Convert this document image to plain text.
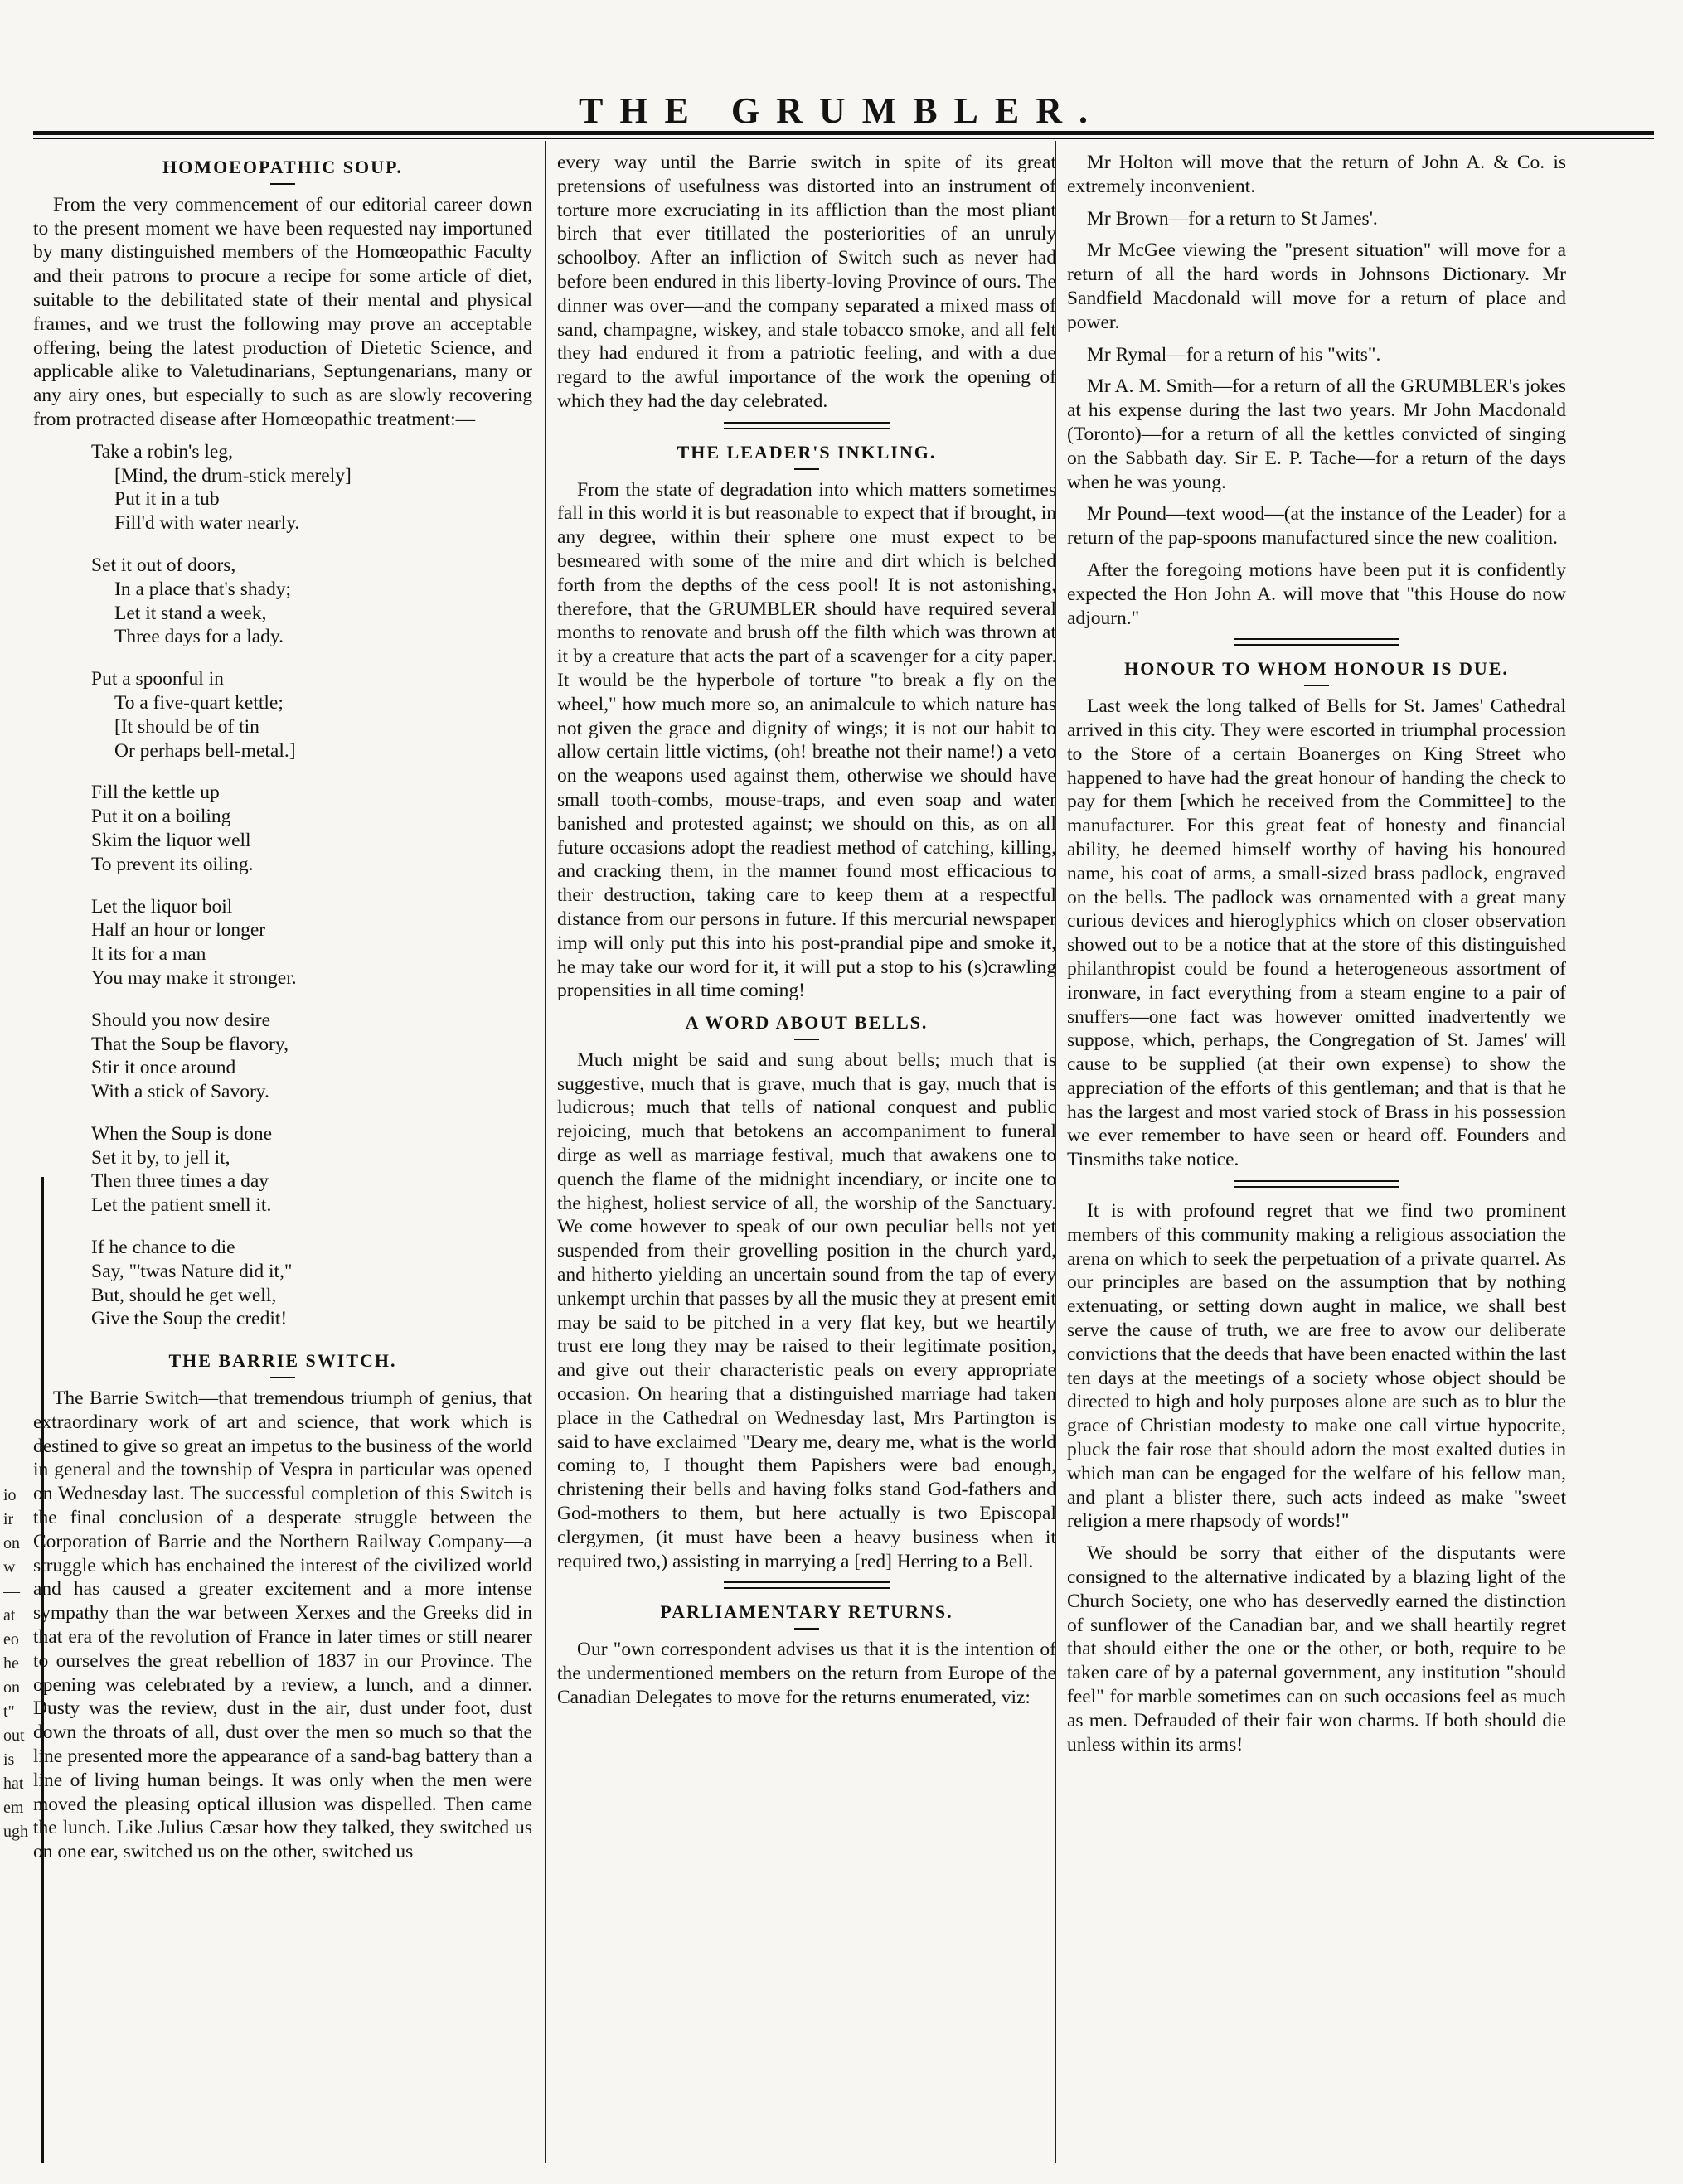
THE GRUMBLER.
io
ir
on
w
—
at
eo
he
on
t"
out
is
hat
em
ugh
HOMOEOPATHIC SOUP.

From the very commencement of our editorial career down to the present moment we have been requested nay importuned by many distinguished members of the Homœopathic Faculty and their patrons to procure a recipe for some article of diet, suitable to the debilitated state of their mental and physical frames, and we trust the following may prove an acceptable offering, being the latest production of Dietetic Science, and applicable alike to Valetudinarians, Septungenarians, many or any airy ones, but especially to such as are slowly recovering from protracted disease after Homœopathic treatment:—

Take a robin's leg,
[Mind, the drum-stick merely]
Put it in a tub
Fill'd with water nearly.
Set it out of doors,
In a place that's shady;
Let it stand a week,
Three days for a lady.
Put a spoonful in
To a five-quart kettle;
[It should be of tin
Or perhaps bell-metal.]
Fill the kettle up
Put it on a boiling
Skim the liquor well
To prevent its oiling.
Let the liquor boil
Half an hour or longer
It its for a man
You may make it stronger.
Should you now desire
That the Soup be flavory,
Stir it once around
With a stick of Savory.
When the Soup is done
Set it by, to jell it,
Then three times a day
Let the patient smell it.
If he chance to die
Say, "'twas Nature did it,"
But, should he get well,
Give the Soup the credit!
THE BARRIE SWITCH.

The Barrie Switch—that tremendous triumph of genius, that extraordinary work of art and science, that work which is destined to give so great an impetus to the business of the world in general and the township of Vespra in particular was opened on Wednesday last. The successful completion of this Switch is the final conclusion of a desperate struggle between the Corporation of Barrie and the Northern Railway Company—a struggle which has enchained the interest of the civilized world and has caused a greater excitement and a more intense sympathy than the war between Xerxes and the Greeks did in that era of the revolution of France in later times or still nearer to ourselves the great rebellion of 1837 in our Province. The opening was celebrated by a review, a lunch, and a dinner. Dusty was the review, dust in the air, dust under foot, dust down the throats of all, dust over the men so much so that the line presented more the appearance of a sand-bag battery than a line of living human beings. It was only when the men were moved the pleasing optical illusion was dispelled. Then came the lunch. Like Julius Cæsar how they talked, they switched us on one ear, switched us on the other, switched us

every way until the Barrie switch in spite of its great pretensions of usefulness was distorted into an instrument of torture more excruciating in its affliction than the most pliant birch that ever titillated the posteriorities of an unruly schoolboy. After an infliction of Switch such as never had before been endured in this liberty-loving Province of ours. The dinner was over—and the company separated a mixed mass of sand, champagne, wiskey, and stale tobacco smoke, and all felt they had endured it from a patriotic feeling, and with a due regard to the awful importance of the work the opening of which they had the day celebrated.

THE LEADER'S INKLING.

From the state of degradation into which matters sometimes fall in this world it is but reasonable to expect that if brought, in any degree, within their sphere one must expect to be besmeared with some of the mire and dirt which is belched forth from the depths of the cess pool! It is not astonishing, therefore, that the GRUMBLER should have required several months to renovate and brush off the filth which was thrown at it by a creature that acts the part of a scavenger for a city paper. It would be the hyperbole of torture "to break a fly on the wheel," how much more so, an animalcule to which nature has not given the grace and dignity of wings; it is not our habit to allow certain little victims, (oh! breathe not their name!) a veto on the weapons used against them, otherwise we should have small tooth-combs, mouse-traps, and even soap and water banished and protested against; we should on this, as on all future occasions adopt the readiest method of catching, killing, and cracking them, in the manner found most efficacious to their destruction, taking care to keep them at a respectful distance from our persons in future. If this mercurial newspaper imp will only put this into his post-prandial pipe and smoke it, he may take our word for it, it will put a stop to his (s)crawling propensities in all time coming!

A WORD ABOUT BELLS.

Much might be said and sung about bells; much that is suggestive, much that is grave, much that is gay, much that is ludicrous; much that tells of national conquest and public rejoicing, much that betokens an accompaniment to funeral dirge as well as marriage festival, much that awakens one to quench the flame of the midnight incendiary, or incite one to the highest, holiest service of all, the worship of the Sanctuary. We come however to speak of our own peculiar bells not yet suspended from their grovelling position in the church yard, and hitherto yielding an uncertain sound from the tap of every unkempt urchin that passes by all the music they at present emit may be said to be pitched in a very flat key, but we heartily trust ere long they may be raised to their legitimate position, and give out their characteristic peals on every appropriate occasion. On hearing that a distinguished marriage had taken place in the Cathedral on Wednesday last, Mrs Partington is said to have exclaimed "Deary me, deary me, what is the world coming to, I thought them Papishers were bad enough, christening their bells and having folks stand God-fathers and God-mothers to them, but here actually is two Episcopal clergymen, (it must have been a heavy business when it required two,) assisting in marrying a [red] Herring to a Bell.

PARLIAMENTARY RETURNS.

Our "own correspondent advises us that it is the intention of the undermentioned members on the return from Europe of the Canadian Delegates to move for the returns enumerated, viz:

Mr Holton will move that the return of John A. & Co. is extremely inconvenient.

Mr Brown—for a return to St James'.

Mr McGee viewing the "present situation" will move for a return of all the hard words in Johnsons Dictionary. Mr Sandfield Macdonald will move for a return of place and power.

Mr Rymal—for a return of his "wits".

Mr A. M. Smith—for a return of all the GRUMBLER's jokes at his expense during the last two years. Mr John Macdonald (Toronto)—for a return of all the kettles convicted of singing on the Sabbath day. Sir E. P. Tache—for a return of the days when he was young.

Mr Pound—text wood—(at the instance of the Leader) for a return of the pap-spoons manufactured since the new coalition.

After the foregoing motions have been put it is confidently expected the Hon John A. will move that "this House do now adjourn."

HONOUR TO WHOM HONOUR IS DUE.

Last week the long talked of Bells for St. James' Cathedral arrived in this city. They were escorted in triumphal procession to the Store of a certain Boanerges on King Street who happened to have had the great honour of handing the check to pay for them [which he received from the Committee] to the manufacturer. For this great feat of honesty and financial ability, he deemed himself worthy of having his honoured name, his coat of arms, a small-sized brass padlock, engraved on the bells. The padlock was ornamented with a great many curious devices and hieroglyphics which on closer observation showed out to be a notice that at the store of this distinguished philanthropist could be found a heterogeneous assortment of ironware, in fact everything from a steam engine to a pair of snuffers—one fact was however omitted inadvertently we suppose, which, perhaps, the Congregation of St. James' will cause to be supplied (at their own expense) to show the appreciation of the efforts of this gentleman; and that is that he has the largest and most varied stock of Brass in his possession we ever remember to have seen or heard off. Founders and Tinsmiths take notice.

It is with profound regret that we find two prominent members of this community making a religious association the arena on which to seek the perpetuation of a private quarrel. As our principles are based on the assumption that by nothing extenuating, or setting down aught in malice, we shall best serve the cause of truth, we are free to avow our deliberate convictions that the deeds that have been enacted within the last ten days at the meetings of a society whose object should be directed to high and holy purposes alone are such as to blur the grace of Christian modesty to make one call virtue hypocrite, pluck the fair rose that should adorn the most exalted duties in which man can be engaged for the welfare of his fellow man, and plant a blister there, such acts indeed as make "sweet religion a mere rhapsody of words!"

We should be sorry that either of the disputants were consigned to the alternative indicated by a blazing light of the Church Society, one who has deservedly earned the distinction of sunflower of the Canadian bar, and we shall heartily regret that should either the one or the other, or both, require to be taken care of by a paternal government, any institution "should feel" for marble sometimes can on such occasions feel as much as men. Defrauded of their fair won charms. If both should die unless within its arms!
